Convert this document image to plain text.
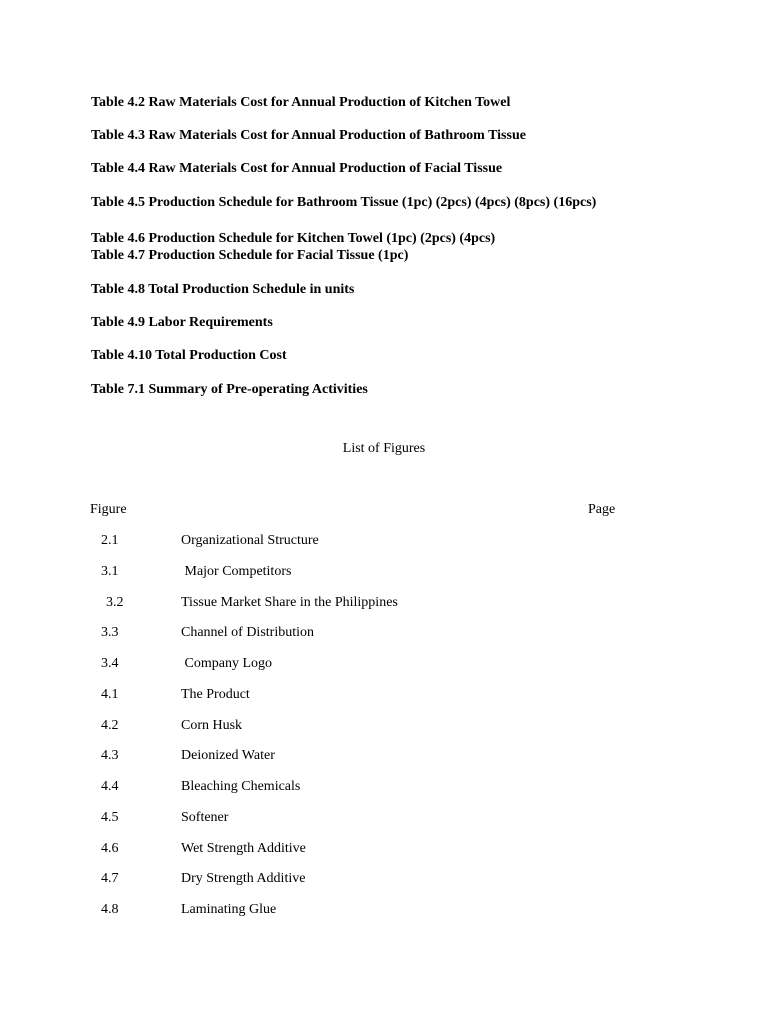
Table 4.2 Raw Materials Cost for Annual Production of Kitchen Towel
Table 4.3 Raw Materials Cost for Annual Production of Bathroom Tissue
Table 4.4 Raw Materials Cost for Annual Production of Facial Tissue
Table 4.5 Production Schedule for Bathroom Tissue (1pc) (2pcs) (4pcs) (8pcs) (16pcs)
Table 4.6 Production Schedule for Kitchen Towel (1pc) (2pcs) (4pcs)
Table 4.7 Production Schedule for Facial Tissue (1pc)
Table 4.8 Total Production Schedule in units
Table 4.9 Labor Requirements
Table 4.10 Total Production Cost
Table 7.1 Summary of Pre-operating Activities
List of Figures
Figure	Page
2.1	Organizational Structure
3.1	Major Competitors
3.2	Tissue Market Share in the Philippines
3.3	Channel of Distribution
3.4	Company Logo
4.1	The Product
4.2	Corn Husk
4.3	Deionized Water
4.4	Bleaching Chemicals
4.5	Softener
4.6	Wet Strength Additive
4.7	Dry Strength Additive
4.8	Laminating Glue
